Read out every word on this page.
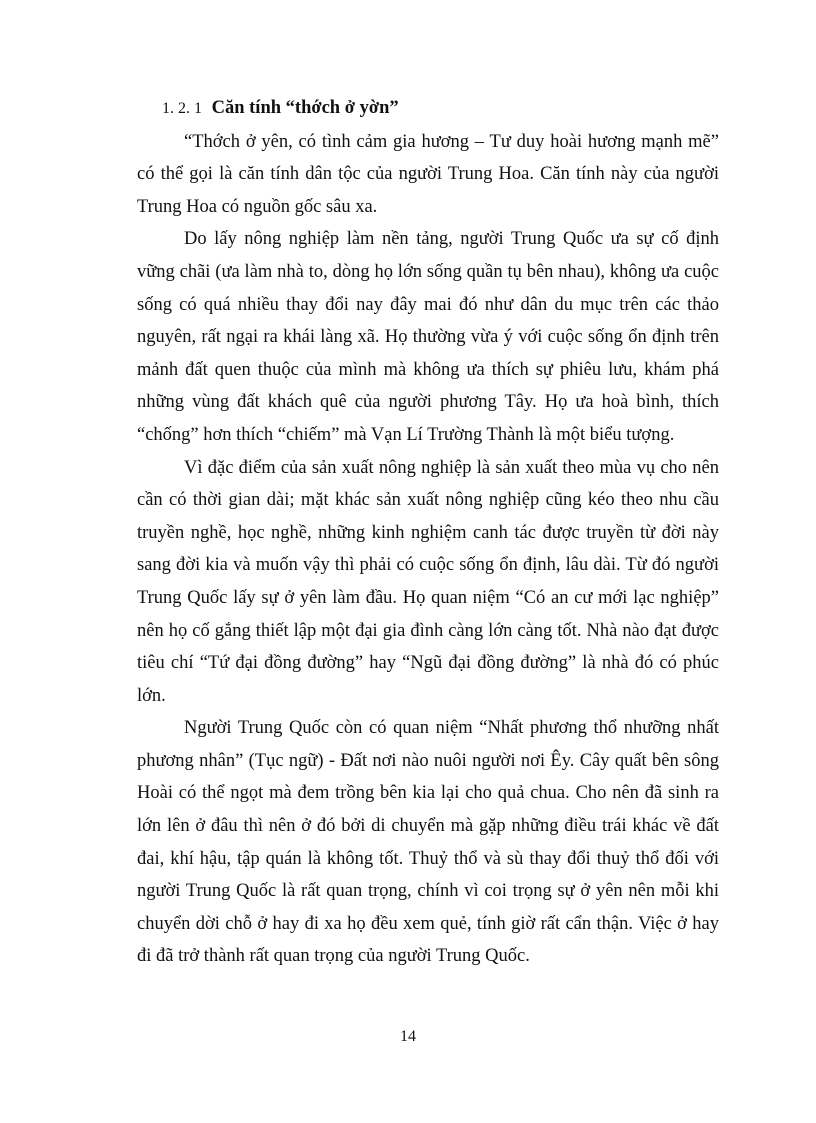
1. 2. 1 Căn tính “thớch ở yờn”

“Thớch ở yên, có tình cảm gia hương – Tư duy hoài hương mạnh mẽ” có thể gọi là căn tính dân tộc của người Trung Hoa. Căn tính này của người Trung Hoa có nguồn gốc sâu xa.

Do lấy nông nghiệp làm nền tảng, người Trung Quốc ưa sự cố định vững chãi (ưa làm nhà to, dòng họ lớn sống quần tụ bên nhau), không ưa cuộc sống có quá nhiều thay đổi nay đây mai đó như dân du mục trên các thảo nguyên, rất ngại ra khái làng xã. Họ thường vừa ý với cuộc sống ổn định trên mảnh đất quen thuộc của mình mà không ưa thích sự phiêu lưu, khám phá những vùng đất khách quê của người phương Tây. Họ ưa hoà bình, thích “chống” hơn thích “chiếm” mà Vạn Lí Trường Thành là một biểu tượng.

Vì đặc điểm của sản xuất nông nghiệp là sản xuất theo mùa vụ cho nên cần có thời gian dài; mặt khác sản xuất nông nghiệp cũng kéo theo nhu cầu truyền nghề, học nghề, những kinh nghiệm canh tác được truyền từ đời này sang đời kia và muốn vậy thì phải có cuộc sống ổn định, lâu dài. Từ đó người Trung Quốc lấy sự ở yên làm đầu. Họ quan niệm “Có an cư mới lạc nghiệp” nên họ cố gắng thiết lập một đại gia đình càng lớn càng tốt. Nhà nào đạt được tiêu chí “Tứ đại đồng đường” hay “Ngũ đại đồng đường” là nhà đó có phúc lớn.

Người Trung Quốc còn có quan niệm “Nhất phương thổ nhưỡng nhất phương nhân” (Tục ngữ) - Đất nơi nào nuôi người nơi Êy. Cây quất bên sông Hoài có thể ngọt mà đem trồng bên kia lại cho quả chua. Cho nên đã sinh ra lớn lên ở đâu thì nên ở đó bởi di chuyển mà gặp những điều trái khác về đất đai, khí hậu, tập quán là không tốt. Thuỷ thổ và sù thay đổi thuỷ thổ đối với người Trung Quốc là rất quan trọng, chính vì coi trọng sự ở yên nên mỗi khi chuyển dời chỗ ở hay đi xa họ đều xem quẻ, tính giờ rất cẩn thận. Việc ở hay đi đã trở thành rất quan trọng của người Trung Quốc.

14
